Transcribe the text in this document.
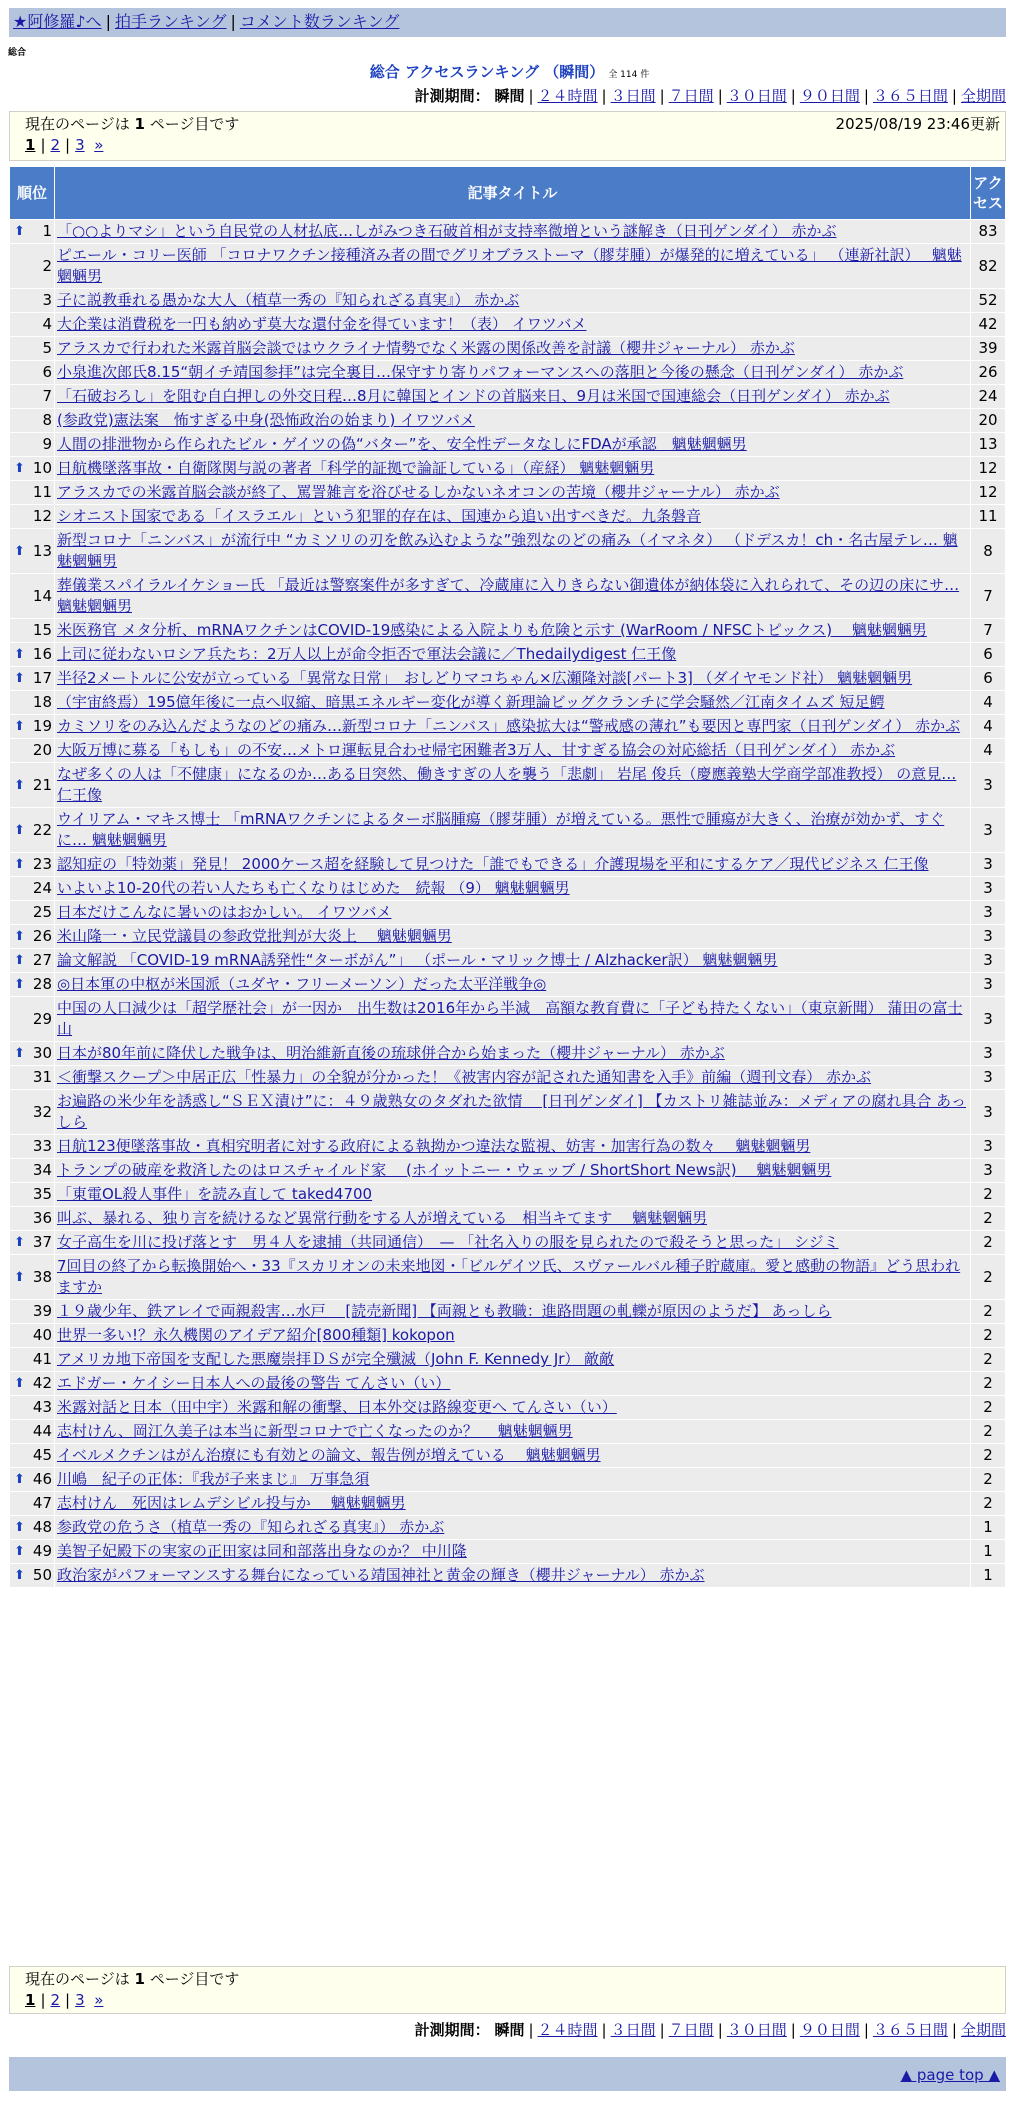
★阿修羅♪へ | 拍手ランキング | コメント数ランキング
総合
総合 アクセスランキング （瞬間） 全 114 件
計測期間： 瞬間 | ２４時間 | ３日間 | ７日間 | ３０日間 | ９０日間 | ３６５日間 | 全期間
現在のページは 1 ページ目です	2025/08/19 23:46更新
1 | 2 | 3 »
順位	記事タイトル	アクセス

⬆ 1	「○○よりマシ」という自民党の人材払底…しがみつき石破首相が支持率微増という謎解き（日刊ゲンダイ） 赤かぶ	83
2	ピエール・コリー医師 「コロナワクチン接種済み者の間でグリオブラストーマ（膠芽腫）が爆発的に増えている」 （連新社訳）　 魑魅魍魎男	82
3	子に説教垂れる愚かな大人（植草一秀の『知られざる真実』） 赤かぶ	52
4	大企業は消費税を一円も納めず莫大な還付金を得ています！（表） イワツバメ	42
5	アラスカで行われた米露首脳会談ではウクライナ情勢でなく米露の関係改善を討議（櫻井ジャーナル） 赤かぶ	39
6	小泉進次郎氏8.15“朝イチ靖国参拝”は完全裏目…保守すり寄りパフォーマンスへの落胆と今後の懸念（日刊ゲンダイ） 赤かぶ	26
7	「石破おろし」を阻む自白押しの外交日程…8月に韓国とインドの首脳来日、9月は米国で国連総会（日刊ゲンダイ） 赤かぶ	24
8	(参政党)憲法案　怖すぎる中身(恐怖政治の始まり) イワツバメ	20
9	人間の排泄物から作られたビル・ゲイツの偽“バター”を、安全性データなしにFDAが承認　魑魅魍魎男	13

⬆ 10	日航機墜落事故・自衛隊関与説の著者「科学的証拠で論証している」（産経） 魑魅魍魎男	12
11	アラスカでの米露首脳会談が終了、罵詈雑言を浴びせるしかないネオコンの苦境（櫻井ジャーナル） 赤かぶ	12
12	シオニスト国家である「イスラエル」という犯罪的存在は、国連から追い出すべきだ。九条磐音	11

⬆ 13	新型コロナ「ニンバス」が流行中 “カミソリの刃を飲み込むような”強烈なのどの痛み（イマネタ） （ドデスカ！ch・名古屋テレ… 魑魅魍魎男	8
14	葬儀業スパイラルイケショー氏 「最近は警察案件が多すぎて、冷蔵庫に入りきらない御遺体が納体袋に入れられて、その辺の床にサ… 魑魅魍魎男	7
15	米医務官 メタ分析、mRNAワクチンはCOVID-19感染による入院よりも危険と示す (WarRoom / NFSCトピックス) 　魑魅魍魎男	7

⬆ 16	上司に従わないロシア兵たち：2万人以上が命令拒否で軍法会議に／Thedailydigest 仁王像	6

⬆ 17	半径2メートルに公安が立っている「異常な日常」　おしどりマコちゃん×広瀬隆対談[パート3] （ダイヤモンド社） 魑魅魍魎男	6
18	（宇宙終焉）195億年後に一点へ収縮、暗黒エネルギー変化が導く新理論ビッグクランチに学会騒然／江南タイムズ 短足鰐	4

⬆ 19	カミソリをのみ込んだようなのどの痛み…新型コロナ「ニンバス」感染拡大は“警戒感の薄れ”も要因と専門家（日刊ゲンダイ） 赤かぶ	4
20	大阪万博に募る「もしも」の不安…メトロ運転見合わせ帰宅困難者3万人、甘すぎる協会の対応総括（日刊ゲンダイ） 赤かぶ	4

⬆ 21	なぜ多くの人は「不健康」になるのか…ある日突然、働きすぎの人を襲う「悲劇」 岩尾 俊兵（慶應義塾大学商学部准教授） の意見… 仁王像	3

⬆ 22	ウイリアム・マキス博士 「mRNAワクチンによるターボ脳腫瘍（膠芽腫）が増えている。悪性で腫瘍が大きく、治療が効かず、すぐに… 魑魅魍魎男	3

⬆ 23	認知症の「特効薬」発見！ 2000ケース超を経験して見つけた「誰でもできる」介護現場を平和にするケア／現代ビジネス 仁王像	3
24	いよいよ10-20代の若い人たちも亡くなりはじめた　続報 （9） 魑魅魍魎男	3
25	日本だけこんなに暑いのはおかしい。 イワツバメ	3

⬆ 26	米山隆一・立民党議員の参政党批判が大炎上　 魑魅魍魎男	3

⬆ 27	論文解説 「COVID-19 mRNA誘発性“ターボがん”」 （ポール・マリック博士 / Alzhacker訳） 魑魅魍魎男	3

⬆ 28	◎日本軍の中枢が米国派（ユダヤ・フリーメーソン）だった太平洋戦争◎	3
29	中国の人口減少は「超学歴社会」が一因か　出生数は2016年から半減　高額な教育費に「子ども持たくない」（東京新聞） 蒲田の富士山	3

⬆ 30	日本が80年前に降伏した戦争は、明治維新直後の琉球併合から始まった（櫻井ジャーナル） 赤かぶ	3
31	＜衝撃スクープ＞中居正広「性暴力」の全貌が分かった！《被害内容が記された通知書を入手》前編（週刊文春） 赤かぶ	3
32	お遍路の米少年を誘惑し“ＳＥＸ漬け”に：４９歳熟女のタダれた欲情　 [日刊ゲンダイ] 【カストリ雑誌並み：メディアの腐れ具合 あっしら	3
33	日航123便墜落事故・真相究明者に対する政府による執拗かつ違法な監視、妨害・加害行為の数々　 魑魅魍魎男	3
34	トランプの破産を救済したのはロスチャイルド家　 (ホイットニー・ウェッブ / ShortShort News訳) 　魑魅魍魎男	3
35	「東電OL殺人事件」を読み直して taked4700	2
36	叫ぶ、暴れる、独り言を続けるなど異常行動をする人が増えている　相当キてます　 魑魅魍魎男	2

⬆ 37	女子高生を川に投げ落とす　男４人を逮捕（共同通信）　— 「社名入りの服を見られたので殺そうと思った」 シジミ	2

⬆ 38	7回目の終了から転換開始へ・33『スカリオンの未来地図・「ビルゲイツ氏、スヴァールバル種子貯蔵庫。愛と感動の物語』どう思われますか	2
39	１９歳少年、鉄アレイで両親殺害…水戸　 [読売新聞] 【両親とも教職：進路問題の軋轢が原因のようだ】 あっしら	2
40	世界一多い!？永久機関のアイデア紹介[800種類] kokopon	2
41	アメリカ地下帝国を支配した悪魔崇拝ＤＳが完全殲滅（John F. Kennedy Jr） 敵敵	2

⬆ 42	エドガー・ケイシー日本人への最後の警告 てんさい（い）	2
43	米露対話と日本（田中宇）米露和解の衝撃、日本外交は路線変更へ てんさい（い）	2
44	志村けん、岡江久美子は本当に新型コロナで亡くなったのか？　 魑魅魍魎男	2
45	イベルメクチンはがん治療にも有効との論文、報告例が増えている　 魑魅魍魎男	2

⬆ 46	川嶋　紀子の正体：『我が子来まじ』 万事急須	2
47	志村けん　死因はレムデシビル投与か　 魑魅魍魎男	2

⬆ 48	参政党の危うさ（植草一秀の『知られざる真実』） 赤かぶ	1

⬆ 49	美智子妃殿下の実家の正田家は同和部落出身なのか？ 中川隆	1

⬆ 50	政治家がパフォーマンスする舞台になっている靖国神社と黄金の輝き（櫻井ジャーナル） 赤かぶ	1
現在のページは 1 ページ目です
1 | 2 | 3 »
計測期間： 瞬間 | ２４時間 | ３日間 | ７日間 | ３０日間 | ９０日間 | ３６５日間 | 全期間
▲ page top ▲
